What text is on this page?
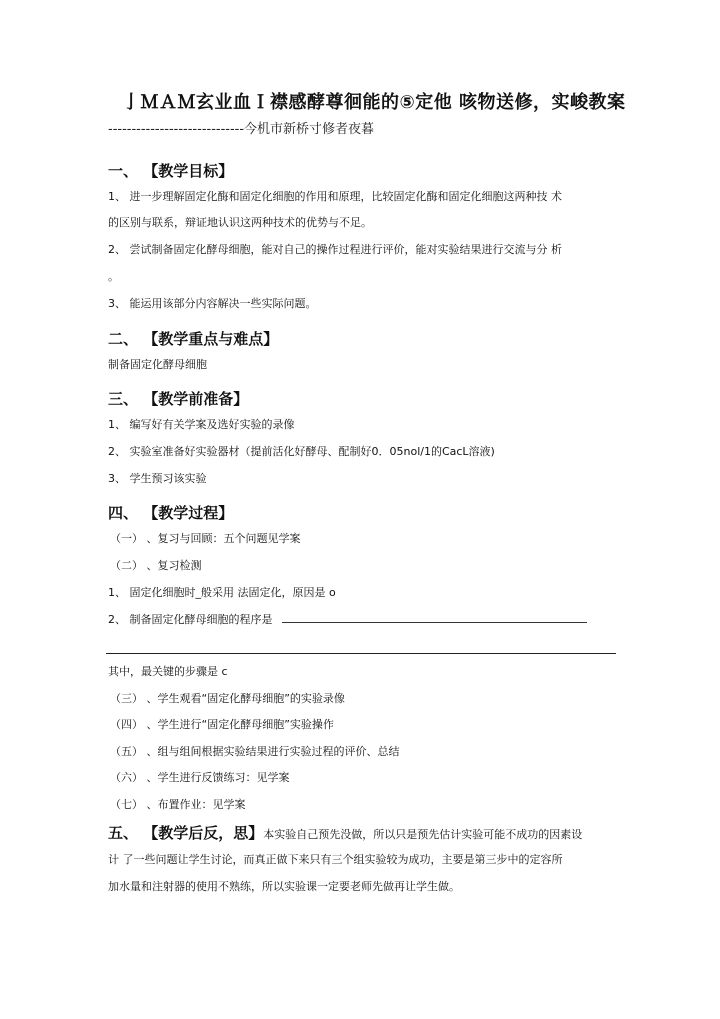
亅ＭＡＭ玄业血Ｉ襟感酵尊徊能的⑤定他 咳物送修，实峻教案
-----------------------------今机市新桥寸修者夜暮
一、 【教学目标】
1、 进一步理解固定化酶和固定化细胞的作用和原理，比较固定化酶和固定化细胞这两种技 术
的区别与联系，辩证地认识这两种技术的优势与不足。
2、 尝试制备固定化酵母细胞，能对自己的操作过程进行评价，能对实验结果进行交流与分 析
。
3、 能运用该部分内容解决一些实际问题。
二、 【教学重点与难点】
制备固定化酵母细胞
三、 【教学前准备】
1、 编写好有关学案及选好实验的录像
2、 实验室准备好实验器材（提前活化好酵母、配制好0．05nol/1的CacL溶液)
3、 学生预习该实验
四、 【教学过程】
（一） 、复习与回顾：五个问题见学案
（二） 、复习检测
1、 固定化细胞时_般采用 法固定化，原因是 o
2、 制备固定化酵母细胞的程序是
其中，最关键的步骤是 c
（三） 、学生观看“固定化酵母细胞”的实验录像
（四） 、学生进行“固定化酵母细胞”实验操作
（五） 、组与组间根据实验结果进行实验过程的评价、总结
（六） 、学生进行反馈练习：见学案
（七） 、布置作业：见学案
五、 【教学后反，思】本实验自己预先没做，所以只是预先估计实验可能不成功的因素设
计 了一些问题让学生讨论，而真正做下来只有三个组实验较为成功，主要是第三步中的定容所
加水量和注射器的使用不熟练，所以实验课一定要老师先做再让学生做。
